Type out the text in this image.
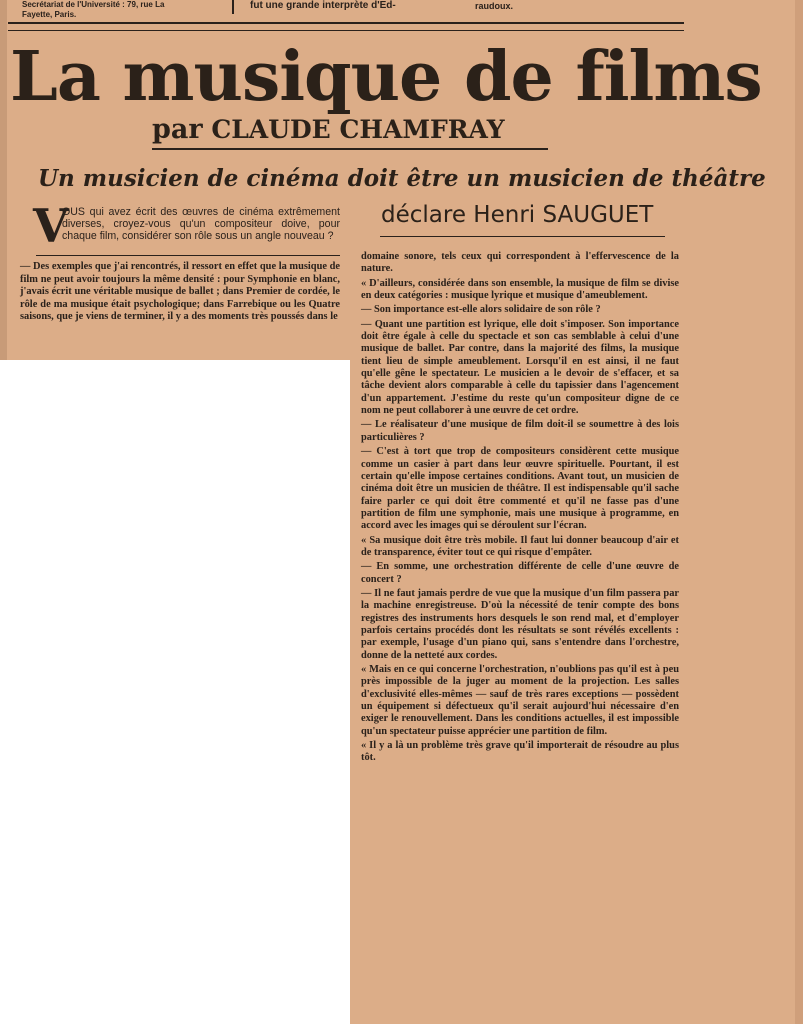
Secrétariat de l'Université : 79, rue La
Fayette, Paris.
fut une grande interprète d'Ed-	raudoux.
La musique de films
par CLAUDE CHAMFRAY
Un musicien de cinéma doit être un musicien de théâtre
déclare Henri SAUGUET
V
OUS qui avez écrit des œuvres de cinéma extrêmement diverses, croyez-vous qu'un compositeur doive, pour chaque film, considérer son rôle sous un angle nouveau ?

— Des exemples que j'ai rencontrés, il ressort en effet que la musique de film ne peut avoir toujours la même densité : pour Symphonie en blanc, j'avais écrit une véritable musique de ballet ; dans Premier de cordée, le rôle de ma musique était psychologique; dans Farrebique ou les Quatre saisons, que je viens de terminer, il y a des moments très poussés dans le

domaine sonore, tels ceux qui correspondent à l'effervescence de la nature.

« D'ailleurs, considérée dans son ensemble, la musique de film se divise en deux catégories : musique lyrique et musique d'ameublement.

— Son importance est-elle alors solidaire de son rôle ?

— Quant une partition est lyrique, elle doit s'imposer. Son importance doit être égale à celle du spectacle et son cas semblable à celui d'une musique de ballet. Par contre, dans la majorité des films, la musique tient lieu de simple ameublement. Lorsqu'il en est ainsi, il ne faut qu'elle gêne le spectateur. Le musicien a le devoir de s'effacer, et sa tâche devient alors comparable à celle du tapissier dans l'agencement d'un appartement. J'estime du reste qu'un compositeur digne de ce nom ne peut collaborer à une œuvre de cet ordre.

— Le réalisateur d'une musique de film doit-il se soumettre à des lois particulières ?

— C'est à tort que trop de compositeurs considèrent cette musique comme un casier à part dans leur œuvre spirituelle. Pourtant, il est certain qu'elle impose certaines conditions. Avant tout, un musicien de cinéma doit être un musicien de théâtre. Il est indispensable qu'il sache faire parler ce qui doit être commenté et qu'il ne fasse pas d'une partition de film une symphonie, mais une musique à programme, en accord avec les images qui se déroulent sur l'écran.

« Sa musique doit être très mobile. Il faut lui donner beaucoup d'air et de transparence, éviter tout ce qui risque d'empâter.

— En somme, une orchestration différente de celle d'une œuvre de concert ?

— Il ne faut jamais perdre de vue que la musique d'un film passera par la machine enregistreuse. D'où la nécessité de tenir compte des bons registres des instruments hors desquels le son rend mal, et d'employer parfois certains procédés dont les résultats se sont révélés excellents : par exemple, l'usage d'un piano qui, sans s'entendre dans l'orchestre, donne de la netteté aux cordes.

« Mais en ce qui concerne l'orchestration, n'oublions pas qu'il est à peu près impossible de la juger au moment de la projection. Les salles d'exclusivité elles-mêmes — sauf de très rares exceptions — possèdent un équipement si défectueux qu'il serait aujourd'hui nécessaire d'en exiger le renouvellement. Dans les conditions actuelles, il est impossible qu'un spectateur puisse apprécier une partition de film.

« Il y a là un problème très grave qu'il importerait de résoudre au plus tôt.
